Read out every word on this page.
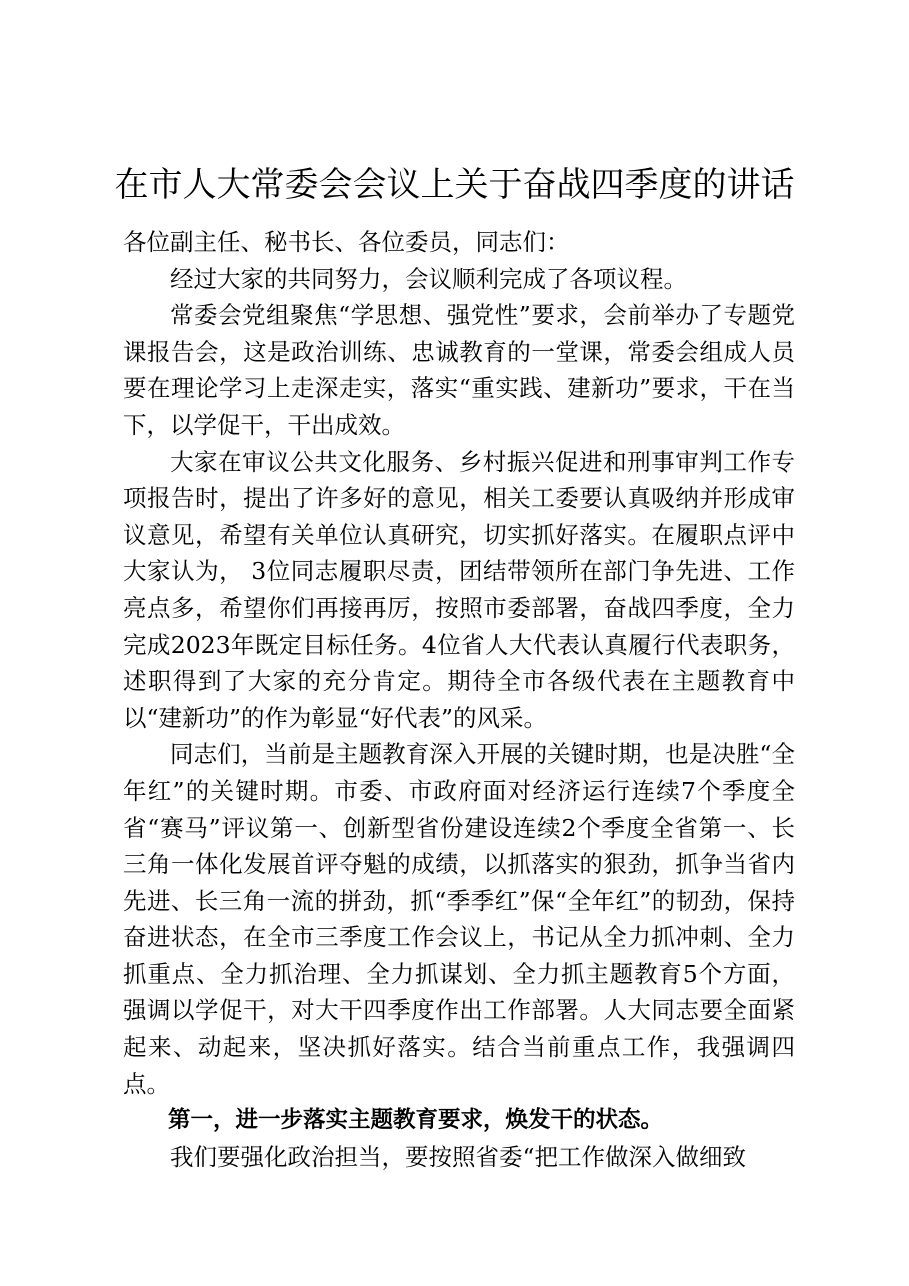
在市人大常委会会议上关于奋战四季度的讲话

各位副主任、秘书长、各位委员，同志们：

经过大家的共同努力，会议顺利完成了各项议程。

常委会党组聚焦“学思想、强党性”要求，会前举办了专题党课报告会，这是政治训练、忠诚教育的一堂课，常委会组成人员要在理论学习上走深走实，落实“重实践、建新功”要求，干在当下，以学促干，干出成效。

大家在审议公共文化服务、乡村振兴促进和刑事审判工作专项报告时，提出了许多好的意见，相关工委要认真吸纳并形成审议意见，希望有关单位认真研究，切实抓好落实。在履职点评中大家认为， 3位同志履职尽责，团结带领所在部门争先进、工作亮点多，希望你们再接再厉，按照市委部署，奋战四季度，全力完成2023年既定目标任务。4位省人大代表认真履行代表职务，述职得到了大家的充分肯定。期待全市各级代表在主题教育中以“建新功”的作为彰显“好代表”的风采。

同志们，当前是主题教育深入开展的关键时期，也是决胜“全年红”的关键时期。市委、市政府面对经济运行连续7个季度全省“赛马”评议第一、创新型省份建设连续2个季度全省第一、长三角一体化发展首评夺魁的成绩，以抓落实的狠劲，抓争当省内先进、长三角一流的拼劲，抓“季季红”保“全年红”的韧劲，保持奋进状态，在全市三季度工作会议上，书记从全力抓冲刺、全力抓重点、全力抓治理、全力抓谋划、全力抓主题教育5个方面，强调以学促干，对大干四季度作出工作部署。人大同志要全面紧起来、动起来，坚决抓好落实。结合当前重点工作，我强调四点。

第一，进一步落实主题教育要求，焕发干的状态。

我们要强化政治担当，要按照省委“把工作做深入做细致
